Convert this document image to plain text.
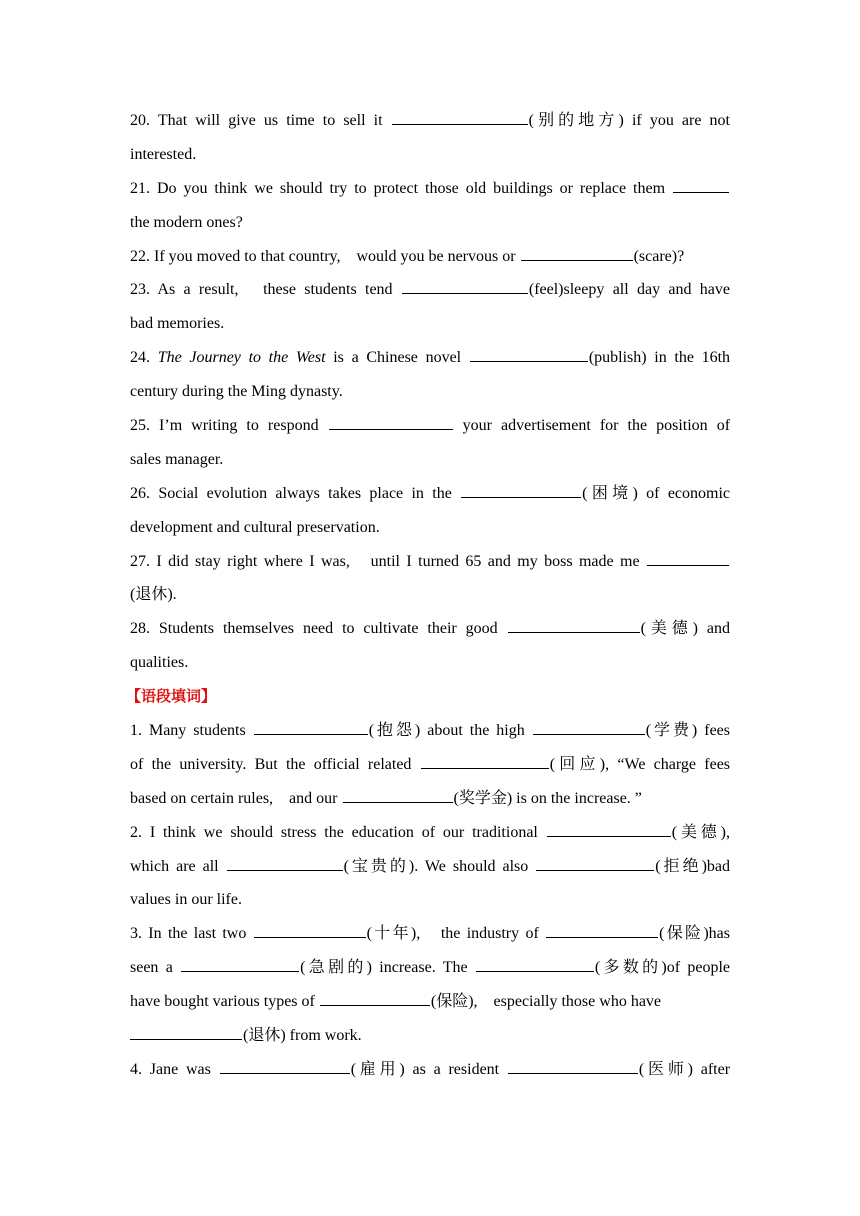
20. That will give us time to sell it	(别的地方) if you are not
interested.
21. Do you think we should try to protect those old buildings or replace them
the modern ones?
22. If you moved to that country,　would you be nervous or	(scare)?
23. As a result,　these students tend	(feel)sleepy all day and have
bad memories.
24. The Journey to the West is a Chinese novel	(publish) in the 16th
century during the Ming dynasty.
25. I’m writing to respond	your advertisement for the position of
sales manager.
26. Social evolution always takes place in the	(困境) of economic
development and cultural preservation.
27. I did stay right where I was,　until I turned 65 and my boss made me
(退休).
28. Students themselves need to cultivate their good	(美德) and
qualities.
【语段填词】
1. Many students	(抱怨) about the high	(学费) fees
of the university. But the official related	(回应), “We charge fees
based on certain rules,　and our	(奖学金) is on the increase. ”
2. I think we should stress the education of our traditional	(美德),
which are all	(宝贵的). We should also	(拒绝)bad
values in our life.
3. In the last two	(十年),　the industry of	(保险)has
seen a	(急剧的) increase. The	(多数的)of people
have bought various types of	(保险),　especially those who have
(退休) from work.
4. Jane was	(雇用) as a resident	(医师) after
